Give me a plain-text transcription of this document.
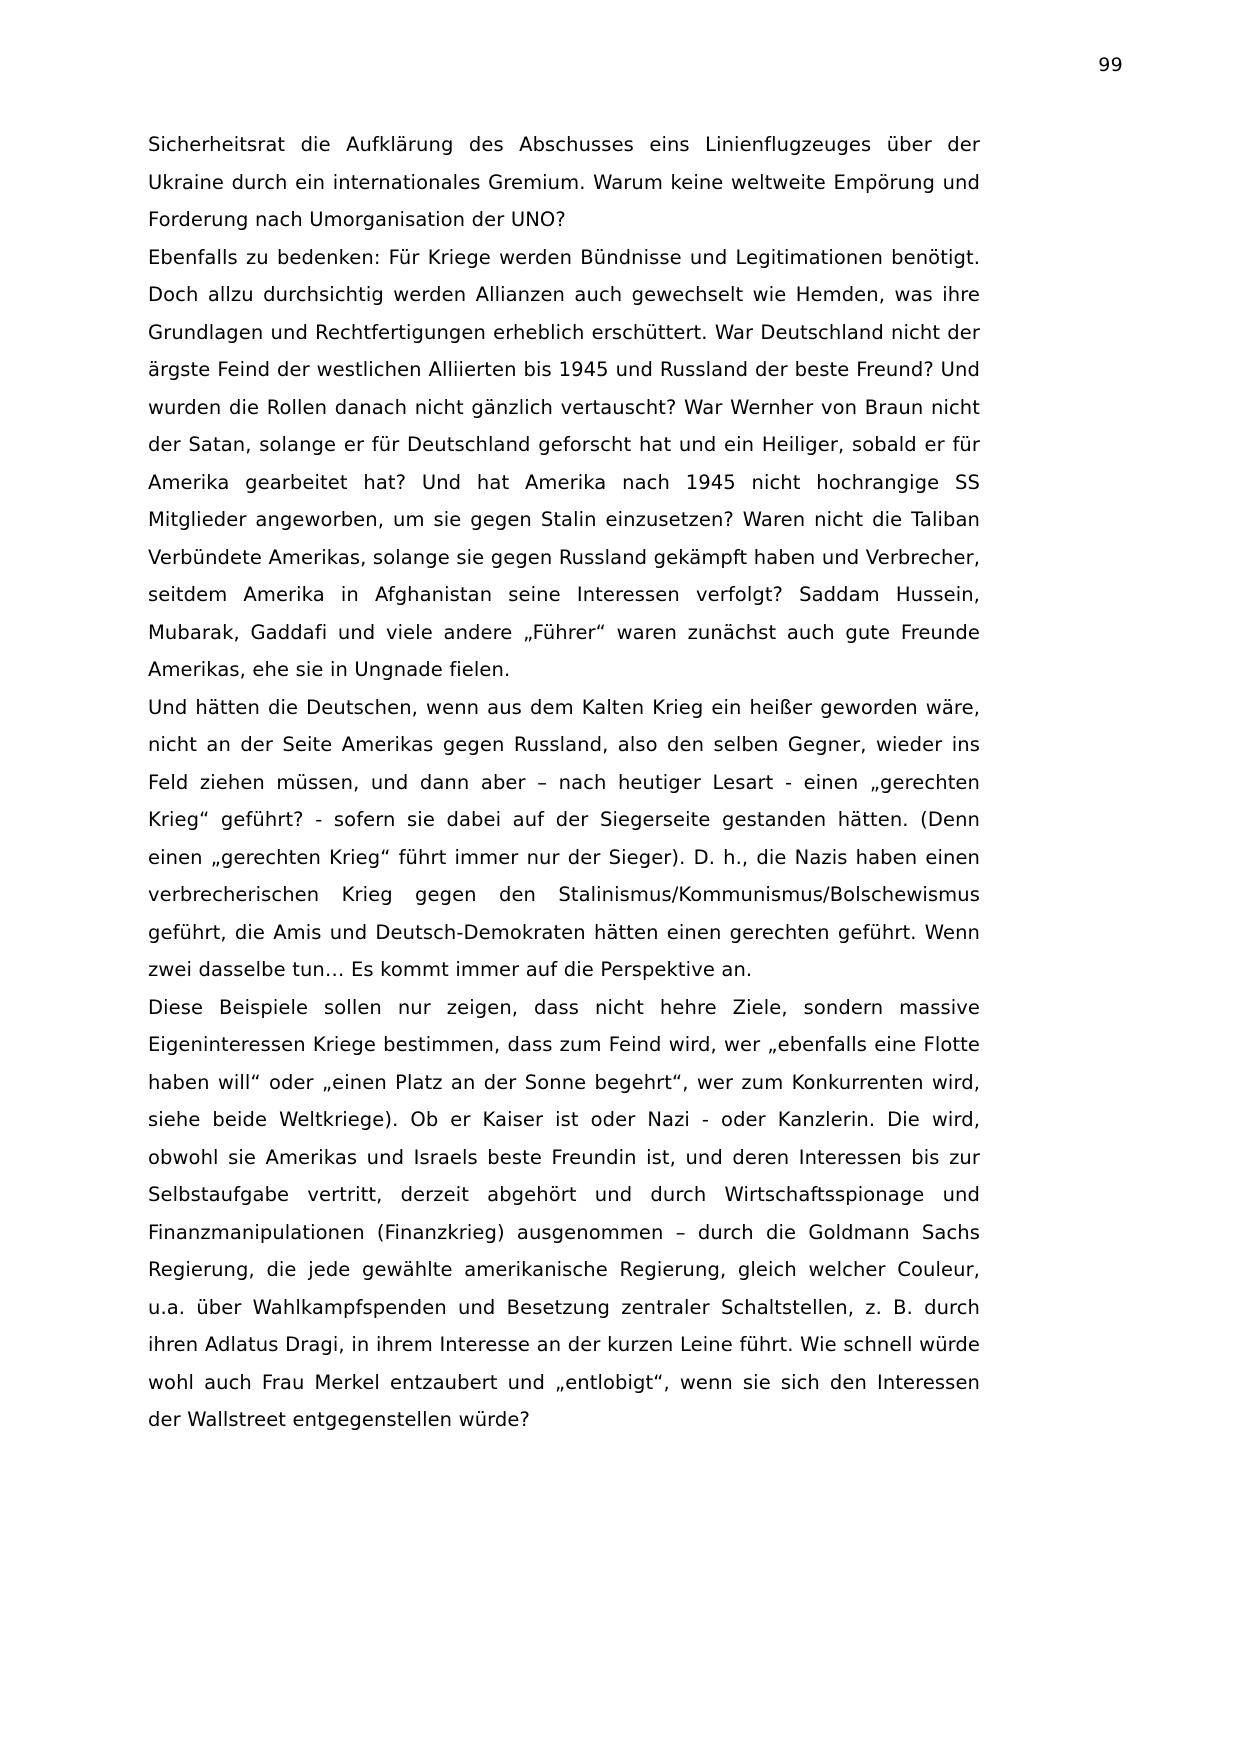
99

Sicherheitsrat die Aufklärung des Abschusses eins Linienflugzeuges über der Ukraine durch ein internationales Gremium. Warum keine weltweite Empörung und Forderung nach Umorganisation der UNO?

Ebenfalls zu bedenken: Für Kriege werden Bündnisse und Legitimationen benötigt. Doch allzu durchsichtig werden Allianzen auch gewechselt wie Hemden, was ihre Grundlagen und Rechtfertigungen erheblich erschüttert. War Deutschland nicht der ärgste Feind der westlichen Alliierten bis 1945 und Russland der beste Freund? Und wurden die Rollen danach nicht gänzlich vertauscht? War Wernher von Braun nicht der Satan, solange er für Deutschland geforscht hat und ein Heiliger, sobald er für Amerika gearbeitet hat? Und hat Amerika nach 1945 nicht hochrangige SS Mitglieder angeworben, um sie gegen Stalin einzusetzen? Waren nicht die Taliban Verbündete Amerikas, solange sie gegen Russland gekämpft haben und Verbrecher, seitdem Amerika in Afghanistan seine Interessen verfolgt? Saddam Hussein, Mubarak, Gaddafi und viele andere „Führer“ waren zunächst auch gute Freunde Amerikas, ehe sie in Ungnade fielen.

Und hätten die Deutschen, wenn aus dem Kalten Krieg ein heißer geworden wäre, nicht an der Seite Amerikas gegen Russland, also den selben Gegner, wieder ins Feld ziehen müssen, und dann aber – nach heutiger Lesart - einen „gerechten Krieg“ geführt? - sofern sie dabei auf der Siegerseite gestanden hätten. (Denn einen „gerechten Krieg“ führt immer nur der Sieger). D. h., die Nazis haben einen verbrecherischen Krieg gegen den Stalinismus/Kommunismus/Bolschewismus geführt, die Amis und Deutsch-Demokraten hätten einen gerechten geführt. Wenn zwei dasselbe tun… Es kommt immer auf die Perspektive an.

Diese Beispiele sollen nur zeigen, dass nicht hehre Ziele, sondern massive Eigeninteressen Kriege bestimmen, dass zum Feind wird, wer „ebenfalls eine Flotte haben will“ oder „einen Platz an der Sonne begehrt“, wer zum Konkurrenten wird, siehe beide Weltkriege). Ob er Kaiser ist oder Nazi - oder Kanzlerin. Die wird, obwohl sie Amerikas und Israels beste Freundin ist, und deren Interessen bis zur Selbstaufgabe vertritt, derzeit abgehört und durch Wirtschaftsspionage und Finanzmanipulationen (Finanzkrieg) ausgenommen – durch die Goldmann Sachs Regierung, die jede gewählte amerikanische Regierung, gleich welcher Couleur, u.a. über Wahlkampfspenden und Besetzung zentraler Schaltstellen, z. B. durch ihren Adlatus Dragi, in ihrem Interesse an der kurzen Leine führt. Wie schnell würde wohl auch Frau Merkel entzaubert und „entlobigt“, wenn sie sich den Interessen der Wallstreet entgegenstellen würde?
